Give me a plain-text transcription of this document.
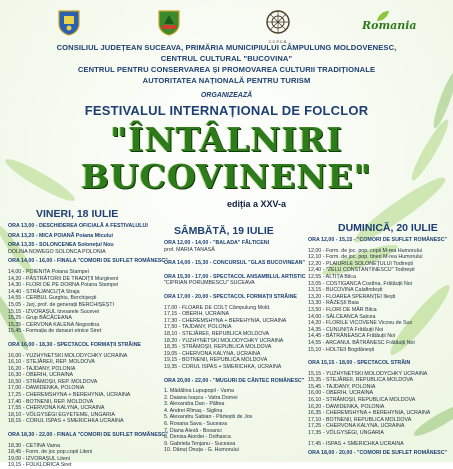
C.C.P.C.B.
Romania
CONSILIUL JUDEȚEAN SUCEAVA, PRIMĂRIA MUNICIPIULUI CÂMPULUNG MOLDOVENESC,
CENTRUL CULTURAL "BUCOVINA"
CENTRUL PENTRU CONSERVAREA ȘI PROMOVAREA CULTURII TRADIȚIONALE
AUTORITATEA NAȚIONALĂ PENTRU TURISM
ORGANIZEAZĂ
FESTIVALUL INTERNAȚIONAL DE FOLCLOR
"ÎNTÂLNIRI
BUCOVINENE"
ediția a XXV-a
VINERI, 18 IULIE
ORA 13,00 - DESCHIDEREA OFICIALĂ A FESTIVALULUI
ORA 13,20 - MICA POIANĂ Poiana Micului
ORA 13,35 - SOLONCENEA Solonețul Nou
DOLINA NOWEGO SOLONCA POLONIA
ORA 14,00 - 16,00 - FINALA "COMORI DE SUFLET ROMÂNESC"
14,00 - POIENITA Poiana Stampei
14,20 - PĂSTRĂTORII DE TRADIȚII Murgineni
14,30 - FLORI DE PE DORNA Poiana Stampei
14,40 - STRĂJANCUȚA Straja
14,55 - CERBUL Gurghiu, Berchișești
15,05 - Jurj, prof. de generații BERCHIȘEȘTI
15,15 - IZVORAȘUL Izvoarele Sucevei
15,25 - Grup BĂCĂCEANA
15,35 - CERVONA KALENA Negostina
15,45 - Formația de dansuri etnice Siret
ORA 16,00 - 18,30 - SPECTACOL FORMAȚII STRĂINE
16,00 - YUZHYNETSKI MOLODYCHKY UCRAINA
16,10 - STEJĂREII, REP. MOLDOVA
16,20 - TAJDANY, POLONIA
16,30 - OBERIH, UCRAINA
16,50 - STRĂMOȘII, REP. MOLDOVA
17,00 - DAWIDENKA, POLONIA
17,25 - CHEREMSHYNA + BEREHYNIA, UCRAINA
17,40 - BOTNENII, REP. MOLDOVA
17,55 - CHERVONA KALYNA, UCRAINA
18,10 - VÖLGYSÉGI EGYETEME, UNGARIA
18,15 - CORUL ISPAS + SMERICHKA UCRAINA
ORA 18,30 - 22,00 - FINALA "COMORI DE SUFLET ROMÂNESC"
18,30 - CETINA Vama
18,45 - Form. de joc pop.copii Liteni
19,00 - IZVORAȘUL Liteni
19,15 - FOLKLORICA Siret
SÂMBĂTĂ, 19 IULIE
ORA 12,00 - 14,00 - "BALADA" FĂLTICENI
prof. MARIA TANASĂ
ORA 14,00 - 15,30 - CONCURSUL "GLAS BUCOVINEAN"
ORA 15,30 - 17,00 - SPECTACOL ANSAMBLUL ARTISTIC
"CIPRIAN PORUMBESCU" SUCEAVA
ORA 17,00 - 20,00 - SPECTACOL FORMAȚII STRĂINE
17,00 - FLOARE DE COLȚ Câmpulung Mold.
17,15 - OBERIH, UCRAINA
17,30 - CHEREMSHYNA + BEREHYNIA, UCRAINA
17,50 - TAJDANY, POLONIA
18,10 - STEJĂREII, REPUBLICA MOLDOVA
18,20 - YUZHYNETSKI MOLODYCHKY UCRAINA
18,35 - STRĂMOȘII, REPUBLICA MOLDOVA
19,05 - CHERVONA KALYNA, UCRAINA
19,15 - BOTNENII, REPUBLICA MOLDOVA
19,35 - CORUL ISPAS + SMERICHKA, UCRAINA
ORA 20,00 - 22,00 - "MUGURI DE CÂNTEC ROMÂNESC"
1. Mădălina Lupupopil - Vama
2. Daiana Ivașcu - Vatra Dornei
3. Alexandra Dan - Păltea
4. Andrei Rîmaș - Siglina
5. Alexandru Sabian - Pârteștii de Jos
6. Roxana Sava - Suceava
7. Diana Alexă - Bosanci
8. Denisa Aiordei - Dolhasca
9. Gabriela Tenjanu - Suceava
10. Dănuț Onuța - G. Humorului
DUMINICĂ, 20 IULIE
ORA 12,00 - 15,15 - "COMORI DE SUFLET ROMÂNESC"
12,00 - Form. de joc. pop. copii M-rea Humorului
12,10 - Form. de joc. pop. tineri M-rea Humorului
12,20 - PLAIURILE SOLONEȚULUI Todirești
12,40 - "ZELU CONSTANTINESCU" Todirești
12,55 - ALTIȚA Bilca
13,05 - COSTIGANCA Costîna, Frătăuții Noi
13,15 - BUCOVINA Calafindești
13,20 - FLOAREA SPERANȚEI Iliești
13,30 - RĂZEȘII Baia
13,50 - FLORI DE MĂR Bilca
14,00 - SĂLCEANCA Salcea
14,20 - FLORILE VICOVENE Vicovu de Sus
14,35 - CUNUNIȚA Frătăuții Noi
14,45 - BĂTRÂNEASCA Frătăuții Noi
14,55 - ARCANUL BĂTRÂNESC Frătăuții Noi
15,10 - HOLTEII Bogdănești
ORA 15,15 - 18,00 - SPECTACOL STRĂIN
15,15 - YUZHYNETSKI MOLODYCHKY UCRAINA
15,35 - STEJĂREII, REPUBLICA MOLDOVA
15,45 - TAJDANY, POLONIA
16,00 - OBERIH, UCRAINA
16,10 - STRĂMOȘII, REPUBLICA MOLDOVA
16,20 - DAWIDENKA, POLONIA
16,35 - CHEREMSHYNA + BEREHYNIA, UCRAINA
17,10 - BOTNENII, REPUBLICA MOLDOVA
17,25 - CHERVONA KALYNA, UCRAINA
17,35 - VÖLGYSÉGI, UNGARIA
17,45 - ISPAS + SMERICHKA UCRAINA
ORA 18,00 - 20,00 - "COMORI DE SUFLET ROMÂNESC"
